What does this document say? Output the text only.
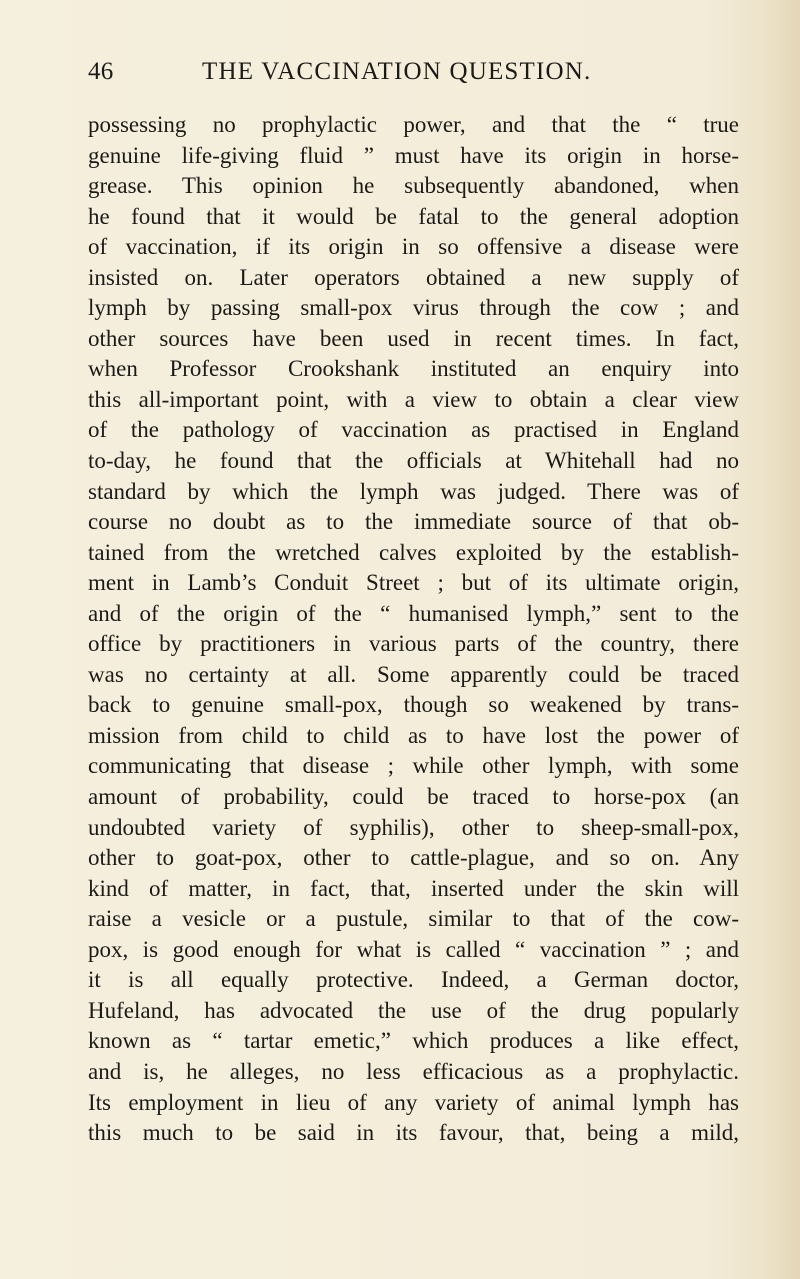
46	THE VACCINATION QUESTION.
possessing no prophylactic power, and that the “ true
genuine life-giving fluid ” must have its origin in horse-
grease. This opinion he subsequently abandoned, when
he found that it would be fatal to the general adoption
of vaccination, if its origin in so offensive a disease were
insisted on. Later operators obtained a new supply of
lymph by passing small-pox virus through the cow ; and
other sources have been used in recent times. In fact,
when Professor Crookshank instituted an enquiry into
this all-important point, with a view to obtain a clear view
of the pathology of vaccination as practised in England
to-day, he found that the officials at Whitehall had no
standard by which the lymph was judged. There was of
course no doubt as to the immediate source of that ob-
tained from the wretched calves exploited by the establish-
ment in Lamb’s Conduit Street ; but of its ultimate origin,
and of the origin of the “ humanised lymph,” sent to the
office by practitioners in various parts of the country, there
was no certainty at all. Some apparently could be traced
back to genuine small-pox, though so weakened by trans-
mission from child to child as to have lost the power of
communicating that disease ; while other lymph, with some
amount of probability, could be traced to horse-pox (an
undoubted variety of syphilis), other to sheep-small-pox,
other to goat-pox, other to cattle-plague, and so on. Any
kind of matter, in fact, that, inserted under the skin will
raise a vesicle or a pustule, similar to that of the cow-
pox, is good enough for what is called “ vaccination ” ; and
it is all equally protective. Indeed, a German doctor,
Hufeland, has advocated the use of the drug popularly
known as “ tartar emetic,” which produces a like effect,
and is, he alleges, no less efficacious as a prophylactic.
Its employment in lieu of any variety of animal lymph has
this much to be said in its favour, that, being a mild,
